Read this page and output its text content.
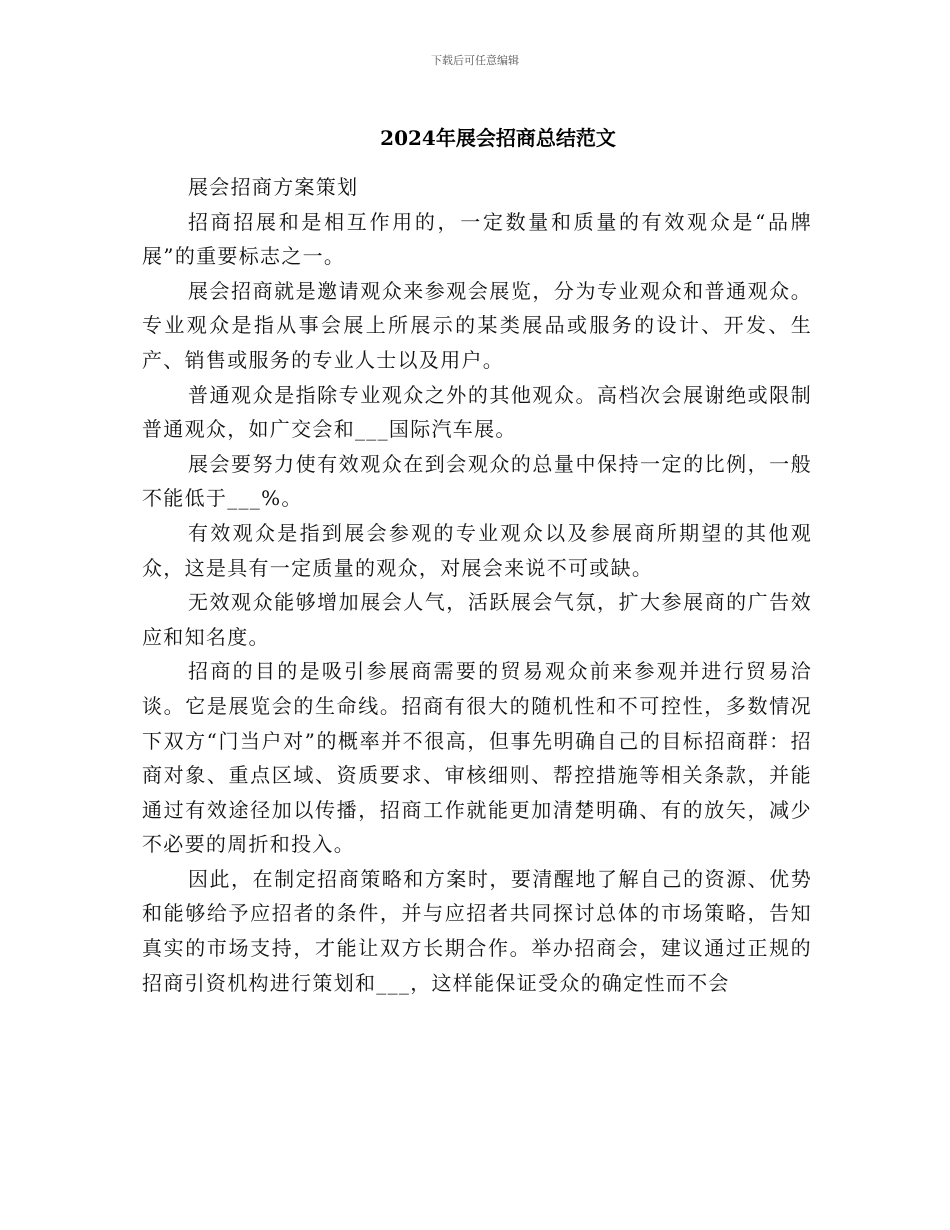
下载后可任意编辑
2024年展会招商总结范文

展会招商方案策划

招商招展和是相互作用的，一定数量和质量的有效观众是“品牌展”的重要标志之一。

展会招商就是邀请观众来参观会展览，分为专业观众和普通观众。专业观众是指从事会展上所展示的某类展品或服务的设计、开发、生产、销售或服务的专业人士以及用户。

普通观众是指除专业观众之外的其他观众。高档次会展谢绝或限制普通观众，如广交会和___国际汽车展。

展会要努力使有效观众在到会观众的总量中保持一定的比例，一般不能低于___%。

有效观众是指到展会参观的专业观众以及参展商所期望的其他观众，这是具有一定质量的观众，对展会来说不可或缺。

无效观众能够增加展会人气，活跃展会气氛，扩大参展商的广告效应和知名度。

招商的目的是吸引参展商需要的贸易观众前来参观并进行贸易洽谈。它是展览会的生命线。招商有很大的随机性和不可控性，多数情况下双方“门当户对”的概率并不很高，但事先明确自己的目标招商群：招商对象、重点区域、资质要求、审核细则、帮控措施等相关条款，并能通过有效途径加以传播，招商工作就能更加清楚明确、有的放矢，减少不必要的周折和投入。

因此，在制定招商策略和方案时，要清醒地了解自己的资源、优势和能够给予应招者的条件，并与应招者共同探讨总体的市场策略，告知真实的市场支持，才能让双方长期合作。举办招商会，建议通过正规的招商引资机构进行策划和___，这样能保证受众的确定性而不会
